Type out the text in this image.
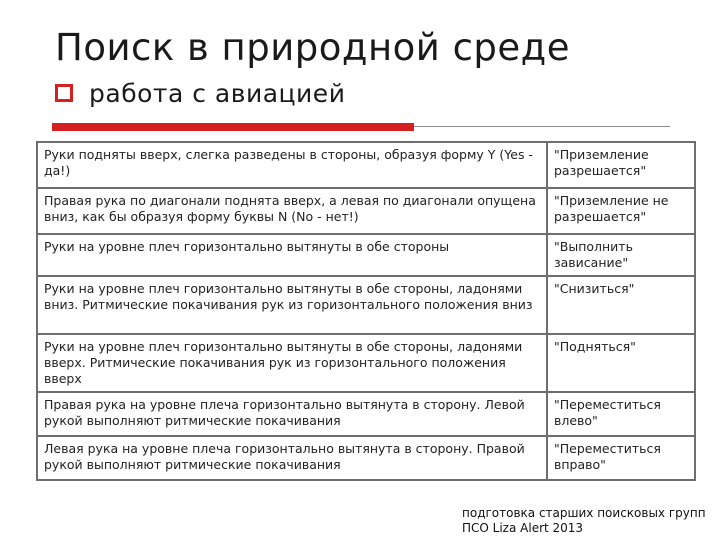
Поиск в природной среде
работа с авиацией
Руки подняты вверх, слегка разведены в стороны, образуя форму Y (Yes - да!)	"Приземление разрешается"
Правая рука по диагонали поднята вверх, а левая по диагонали опущена вниз, как бы образуя форму буквы N (No - нет!)	"Приземление не разрешается"
Руки на уровне плеч горизонтально вытянуты в обе стороны	"Выполнить зависание"
Руки на уровне плеч горизонтально вытянуты в обе стороны, ладонями вниз. Ритмические покачивания рук из горизонтального положения вниз	"Снизиться"
Руки на уровне плеч горизонтально вытянуты в обе стороны, ладонями вверх. Ритмические покачивания рук из горизонтального положения вверх	"Подняться"
Правая рука на уровне плеча горизонтально вытянута в сторону. Левой рукой выполняют ритмические покачивания	"Переместиться влево"
Левая рука на уровне плеча горизонтально вытянута в сторону. Правой рукой выполняют ритмические покачивания	"Переместиться вправо"
подготовка старших поисковых групп
ПСО Liza Alert 2013
